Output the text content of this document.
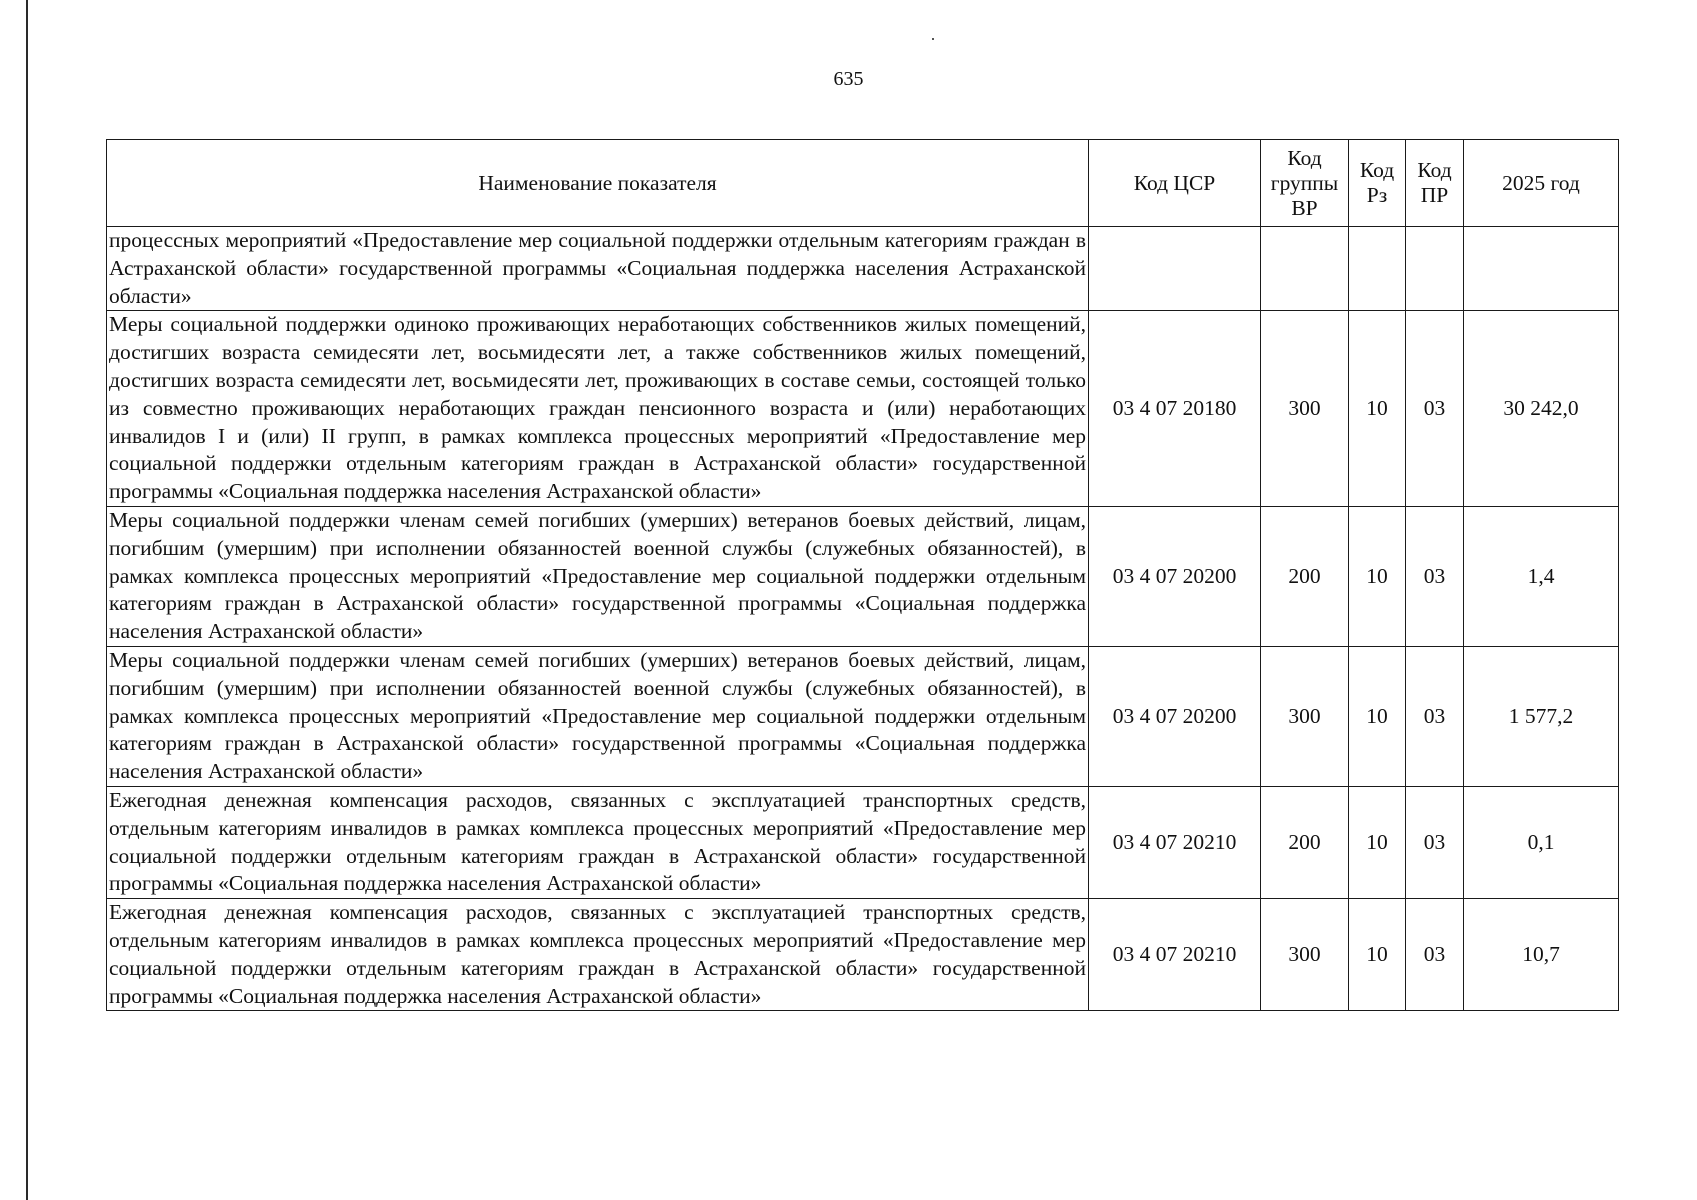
635
Наименование показателя	Код ЦСР	Код группы ВР	Код Рз	Код ПР	2025 год
процессных мероприятий «Предоставление мер социальной поддержки отдельным категориям граждан в Астраханской области» государственной программы «Социальная поддержка населения Астраханской области»					
Меры социальной поддержки одиноко проживающих неработающих собственников жилых помещений, достигших возраста семидесяти лет, восьмидесяти лет, а также собственников жилых помещений, достигших возраста семидесяти лет, восьмидесяти лет, проживающих в составе семьи, состоящей только из совместно проживающих неработающих граждан пенсионного возраста и (или) неработающих инвалидов I и (или) II групп, в рамках комплекса процессных мероприятий «Предоставление мер социальной поддержки отдельным категориям граждан в Астраханской области» государственной программы «Социальная поддержка населения Астраханской области»	03 4 07 20180	300	10	03	30 242,0
Меры социальной поддержки членам семей погибших (умерших) ветеранов боевых действий, лицам, погибшим (умершим) при исполнении обязанностей военной службы (служебных обязанностей), в рамках комплекса процессных мероприятий «Предоставление мер социальной поддержки отдельным категориям граждан в Астраханской области» государственной программы «Социальная поддержка населения Астраханской области»	03 4 07 20200	200	10	03	1,4
Меры социальной поддержки членам семей погибших (умерших) ветеранов боевых действий, лицам, погибшим (умершим) при исполнении обязанностей военной службы (служебных обязанностей), в рамках комплекса процессных мероприятий «Предоставление мер социальной поддержки отдельным категориям граждан в Астраханской области» государственной программы «Социальная поддержка населения Астраханской области»	03 4 07 20200	300	10	03	1 577,2
Ежегодная денежная компенсация расходов, связанных с эксплуатацией транспортных средств, отдельным категориям инвалидов в рамках комплекса процессных мероприятий «Предоставление мер социальной поддержки отдельным категориям граждан в Астраханской области» государственной программы «Социальная поддержка населения Астраханской области»	03 4 07 20210	200	10	03	0,1
Ежегодная денежная компенсация расходов, связанных с эксплуатацией транспортных средств, отдельным категориям инвалидов в рамках комплекса процессных мероприятий «Предоставление мер социальной поддержки отдельным категориям граждан в Астраханской области» государственной программы «Социальная поддержка населения Астраханской области»	03 4 07 20210	300	10	03	10,7
